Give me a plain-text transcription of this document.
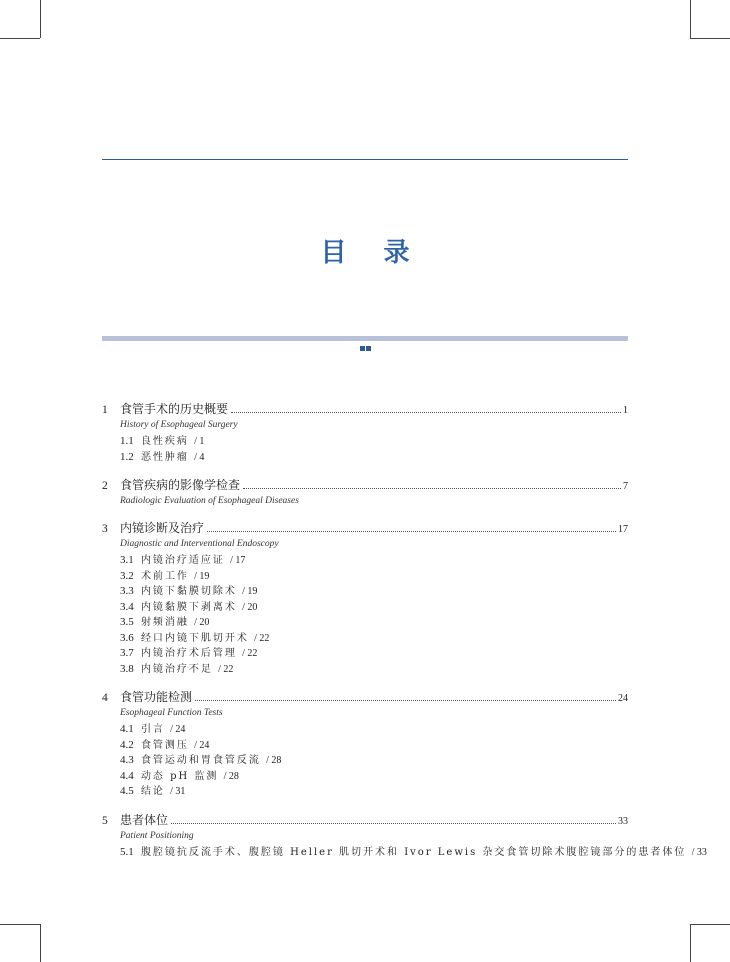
目 录
1	食管手术的历史概要	1
History of Esophageal Surgery
1.1 良性疾病 / 1
1.2 恶性肿瘤 / 4
2	食管疾病的影像学检查	7
Radiologic Evaluation of Esophageal Diseases
3	内镜诊断及治疗	17
Diagnostic and Interventional Endoscopy
3.1 内镜治疗适应证 / 17
3.2 术前工作 / 19
3.3 内镜下黏膜切除术 / 19
3.4 内镜黏膜下剥离术 / 20
3.5 射频消融 / 20
3.6 经口内镜下肌切开术 / 22
3.7 内镜治疗术后管理 / 22
3.8 内镜治疗不足 / 22
4	食管功能检测	24
Esophageal Function Tests
4.1 引言 / 24
4.2 食管测压 / 24
4.3 食管运动和胃食管反流 / 28
4.4 动态 pH 监测 / 28
4.5 结论 / 31
5	患者体位	33
Patient Positioning
5.1 腹腔镜抗反流手术、腹腔镜 Heller 肌切开术和 Ivor Lewis 杂交食管切除术腹腔镜部分的患者体位 / 33
